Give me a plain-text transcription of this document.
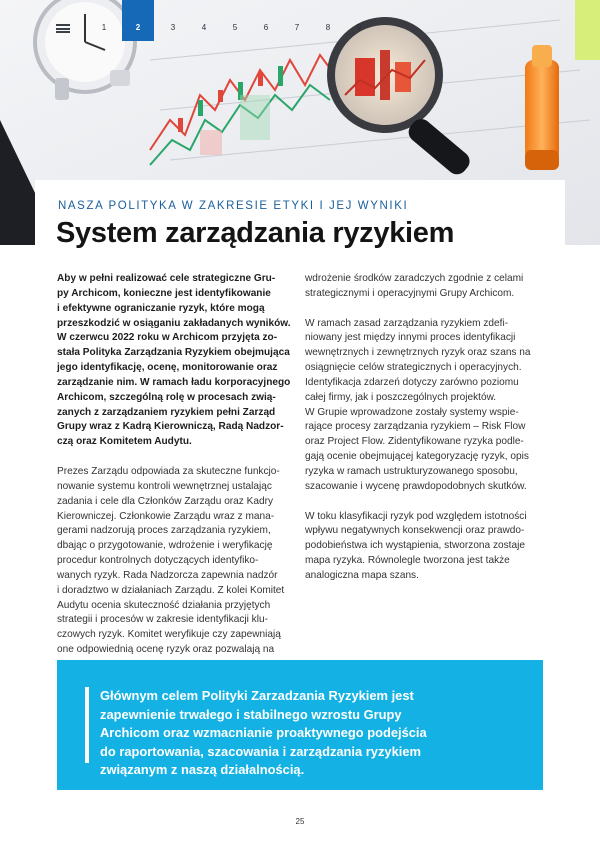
1	2	3	4	5	6	7	8	9
NASZA POLITYKA W ZAKRESIE ETYKI I JEJ WYNIKI
System zarządzania ryzykiem

Aby w pełni realizować cele strategiczne Gru-
py Archicom, konieczne jest identyfikowanie
i efektywne ograniczanie ryzyk, które mogą
przeszkodzić w osiąganiu zakładanych wyników.
W czerwcu 2022 roku w Archicom przyjęta zo-
stała Polityka Zarządzania Ryzykiem obejmująca
jego identyfikację, ocenę, monitorowanie oraz
zarządzanie nim. W ramach ładu korporacyjnego
Archicom, szczególną rolę w procesach zwią-
zanych z zarządzaniem ryzykiem pełni Zarząd
Grupy wraz z Kadrą Kierowniczą, Radą Nadzor-
czą oraz Komitetem Audytu.

Prezes Zarządu odpowiada za skuteczne funkcjo-
nowanie systemu kontroli wewnętrznej ustalając
zadania i cele dla Członków Zarządu oraz Kadry
Kierowniczej. Członkowie Zarządu wraz z mana-
gerami nadzorują proces zarządzania ryzykiem,
dbając o przygotowanie, wdrożenie i weryfikację
procedur kontrolnych dotyczących identyfiko-
wanych ryzyk. Rada Nadzorcza zapewnia nadzór
i doradztwo w działaniach Zarządu. Z kolei Komitet
Audytu ocenia skuteczność działania przyjętych
strategii i procesów w zakresie identyfikacji klu-
czowych ryzyk. Komitet weryfikuje czy zapewniają
one odpowiednią ocenę ryzyk oraz pozwalają na

wdrożenie środków zaradczych zgodnie z celami
strategicznymi i operacyjnymi Grupy Archicom.

W ramach zasad zarządzania ryzykiem zdefi-
niowany jest między innymi proces identyfikacji
wewnętrznych i zewnętrznych ryzyk oraz szans na
osiągnięcie celów strategicznych i operacyjnych.
Identyfikacja zdarzeń dotyczy zarówno poziomu
całej firmy, jak i poszczególnych projektów.
W Grupie wprowadzone zostały systemy wspie-
rające procesy zarządzania ryzykiem – Risk Flow
oraz Project Flow. Zidentyfikowane ryzyka podle-
gają ocenie obejmującej kategoryzację ryzyk, opis
ryzyka w ramach ustrukturyzowanego sposobu,
szacowanie i wycenę prawdopodobnych skutków.

W toku klasyfikacji ryzyk pod względem istotności
wpływu negatywnych konsekwencji oraz prawdo-
podobieństwa ich wystąpienia, stworzona zostaje
mapa ryzyka. Równolegle tworzona jest także
analogiczna mapa szans.

Głównym celem Polityki Zarzadzania Ryzykiem jest
zapewnienie trwałego i stabilnego wzrostu Grupy
Archicom oraz wzmacnianie proaktywnego podejścia
do raportowania, szacowania i zarządzania ryzykiem
związanym z naszą działalnością.
25
